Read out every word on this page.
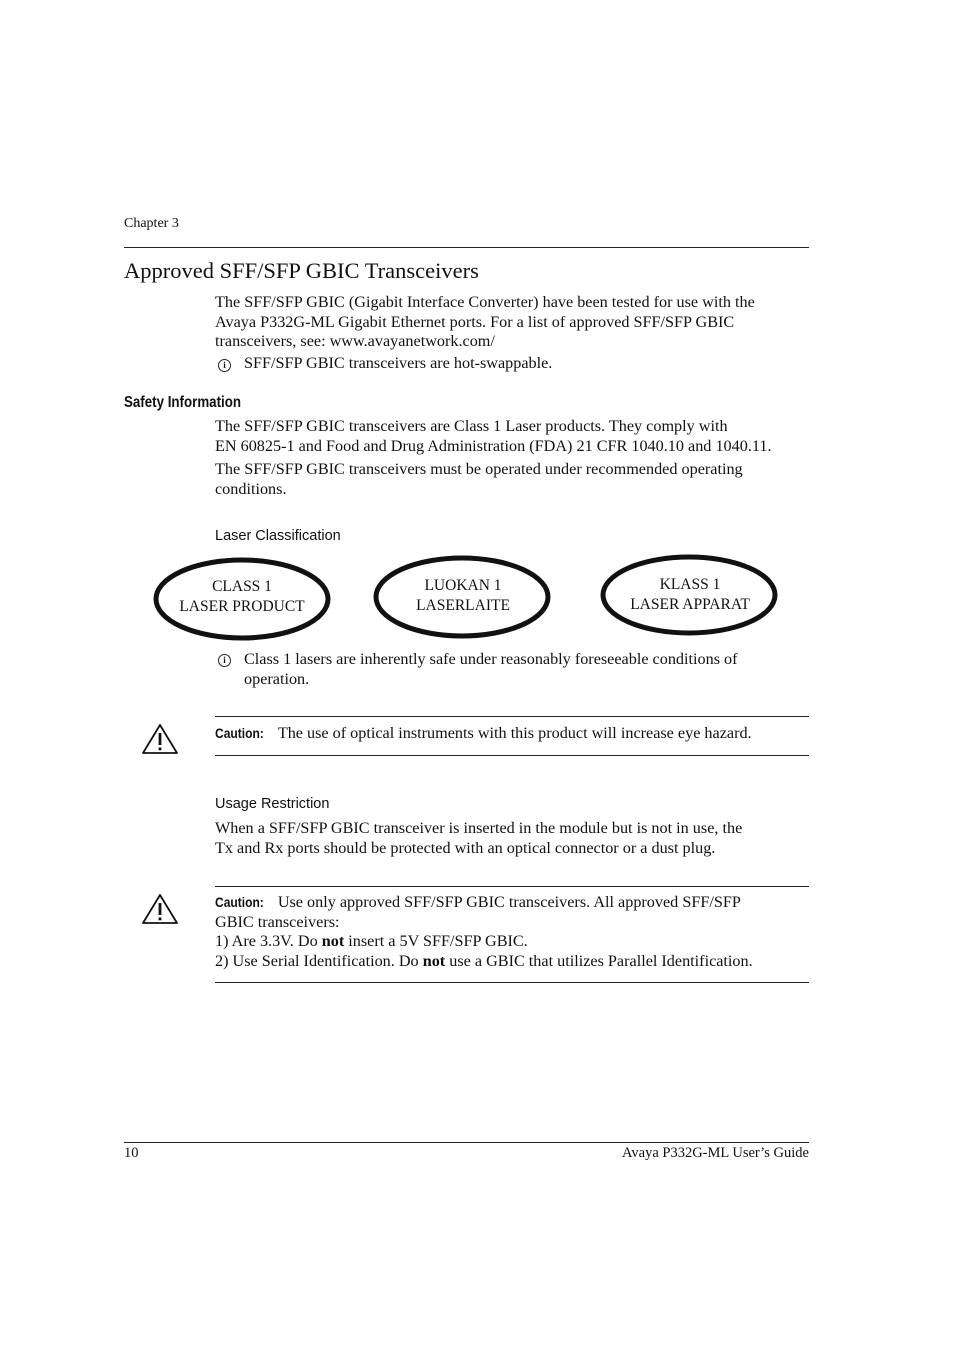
Chapter 3
Approved SFF/SFP GBIC Transceivers
The SFF/SFP GBIC (Gigabit Interface Converter) have been tested for use with the
Avaya P332G-ML Gigabit Ethernet ports. For a list of approved SFF/SFP GBIC
transceivers, see: www.avayanetwork.com/
i SFF/SFP GBIC transceivers are hot-swappable.
Safety Information
The SFF/SFP GBIC transceivers are Class 1 Laser products. They comply with
EN 60825-1 and Food and Drug Administration (FDA) 21 CFR 1040.10 and 1040.11.
The SFF/SFP GBIC transceivers must be operated under recommended operating
conditions.
Laser Classification
CLASS 1
LASER PRODUCT
LUOKAN 1
LASERLAITE
KLASS 1
LASER APPARAT
i	Class 1 lasers are inherently safe under reasonably foreseeable conditions of
operation.
Caution: The use of optical instruments with this product will increase eye hazard.
Usage Restriction
When a SFF/SFP GBIC transceiver is inserted in the module but is not in use, the
Tx and Rx ports should be protected with an optical connector or a dust plug.
Caution: Use only approved SFF/SFP GBIC transceivers. All approved SFF/SFP
GBIC transceivers:
1) Are 3.3V. Do not insert a 5V SFF/SFP GBIC.
2) Use Serial Identification. Do not use a GBIC that utilizes Parallel Identification.
10	Avaya P332G-ML User’s Guide
